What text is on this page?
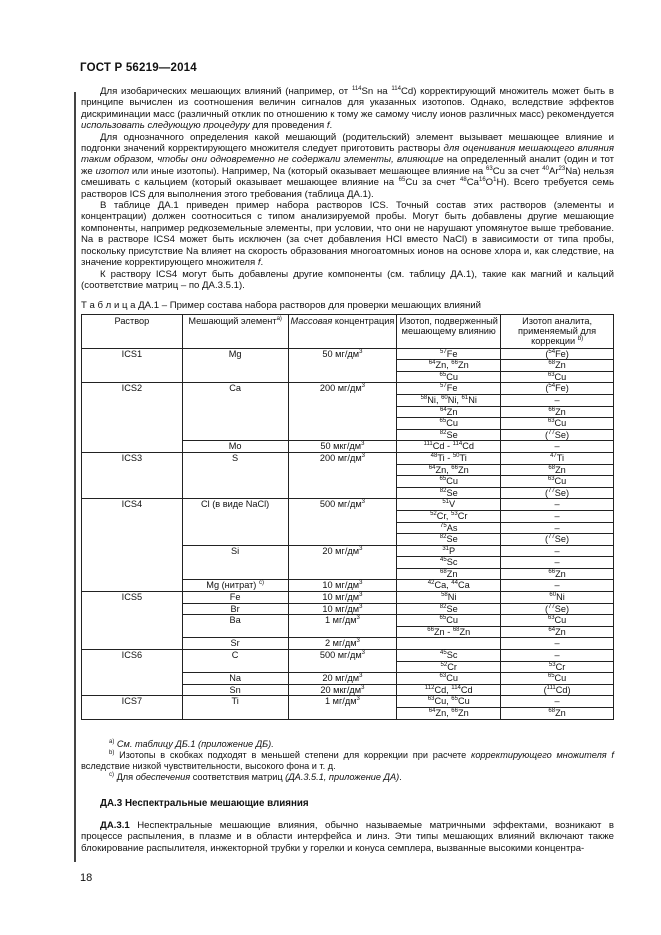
ГОСТ Р 56219—2014

Для изобарических мешающих влияний (например, от $^{114}$Sn на $^{114}$Cd) корректирующий множитель может быть в принципе вычислен из соотношения величин сигналов для указанных изотопов. Однако, вследствие эффектов дискриминации масс (различный отклик по отношению к тому же самому числу ионов различных масс) рекомендуется использовать следующую процедуру для проведения f.

Для однозначного определения какой мешающий (родительский) элемент вызывает мешающее влияние и подгонки значений корректирующего множителя следует приготовить растворы для оценивания мешающего влияния таким образом, чтобы они одновременно не содержали элементы, влияющие на определенный аналит (один и тот же изотоп или иные изотопы). Например, Na (который оказывает мешающее влияние на $^{63}$Cu за счет $^{40}$Ar$^{23}$Na) нельзя смешивать с кальцием (который оказывает мешающее влияние на $^{65}$Cu за счет $^{48}Ca^{16}O^1H$). Всего требуется семь растворов ICS для выполнения этого требования (таблица ДА.1).

В таблице ДА.1 приведен пример набора растворов ICS. Точный состав этих растворов (элементы и концентрации) должен соотноситься с типом анализируемой пробы. Могут быть добавлены другие мешающие компоненты, например редкоземельные элементы, при условии, что они не нарушают упомянутое выше требование. Na в растворе ICS4 может быть исключен (за счет добавления HCl вместо NaCl) в зависимости от типа пробы, поскольку присутствие Na влияет на скорость образования многоатомных ионов на основе хлора и, как следствие, на значение корректирующего множителя f.

К раствору ICS4 могут быть добавлены другие компоненты (см. таблицу ДА.1), такие как магний и кальций (соответствие матриц – по ДА.3.5.1).

Т а б л и ц а ДА.1 – Пример состава набора растворов для проверки мешающих влияний
Раствор	Мешающий элемент$^{a)}$	Массовая концентрация	Изотоп, подверженный мешающему влиянию	Изотоп аналита, применяемый для коррекции $^{b)}$
ICS1	Mg	50 $мг/дм^3$	$^{57}$Fe	($^{54}$Fe)
			$^{64}$Zn, $^{66}$Zn	$^{68}$Zn
			$^{65}$Cu	$^{63}$Cu
ICS2	Ca	200 $мг/дм^3$	$^{57}$Fe	($^{54}$Fe)
			$^{58}$Ni, $^{60}$Ni, $^{61}$Ni	–
			$^{64}$Zn	$^{66}$Zn
			$^{65}$Cu	$^{63}$Cu
			$^{82}$Se	($^{77}$Se)
	Mo	50 мкг/$дм^3$	$^{111}$Cd - $^{114}$Cd	–
ICS3	S	200 $мг/дм^3$	$^{48}$Ti - $^{50}$Ti	$^{47}$Ti
			$^{64}$Zn, $^{66}$Zn	$^{68}$Zn
			$^{65}$Cu	$^{63}$Cu
			$^{82}$Se	($^{77}$Se)
ICS4	Cl (в виде NaCl)	500 $мг/дм^3$	$^{51}$V	–
			$^{52}$Cr, $^{53}$Cr	–
			$^{75}$As	–
			$^{82}$Se	($^{77}$Se)
	Si	20 $мг/дм^3$	$^{31}$P	–
			$^{45}$Sc	–
			$^{68}$Zn	$^{66}$Zn
	Mg (нитрат) $^{c)}$	10 $мг/дм^3$	$^{42}$Ca, $^{44}$Ca	–
ICS5	Fe	10 $мг/дм^3$	$^{58}$Ni	$^{60}$Ni
	Br	10 $мг/дм^3$	$^{82}$Se	($^{77}$Se)
	Ba	1 $мг/дм^3$	$^{65}$Cu	$^{63}$Cu
			$^{66}$Zn - $^{68}$Zn	$^{64}$Zn
	Sr	2 $мг/дм^3$		–
ICS6	C	500 $мг/дм^3$	$^{45}$Sc	–
			$^{52}$Cr	$^{53}$Cr
	Na	20 $мг/дм^3$	$^{63}$Cu	$^{65}$Cu
	Sn	20 мкг/$дм^3$	$^{112}$Cd, $^{114}$Cd	($^{111}$Cd)
ICS7	Ti	1 $мг/дм^3$	$^{63}$Cu, $^{65}$Cu	–
			$^{64}$Zn, $^{66}$Zn	$^{68}$Zn
$^{a)}$ См. таблицу ДБ.1 (приложение ДБ).
$^{b)}$ Изотопы в скобках подходят в меньшей степени для коррекции при расчете корректирующего множителя f вследствие низкой чувствительности, высокого фона и т. д.
$^{c)}$ Для обеспечения соответствия матриц (ДА.3.5.1, приложение ДА).
ДА.3 Неспектральные мешающие влияния
ДА.3.1 Неспектральные мешающие влияния, обычно называемые матричными эффектами, возникают в процессе распыления, в плазме и в области интерфейса и линз. Эти типы мешающих влияний включают также блокирование распылителя, инжекторной трубки у горелки и конуса семплера, вызванные высокими концентра-
18
